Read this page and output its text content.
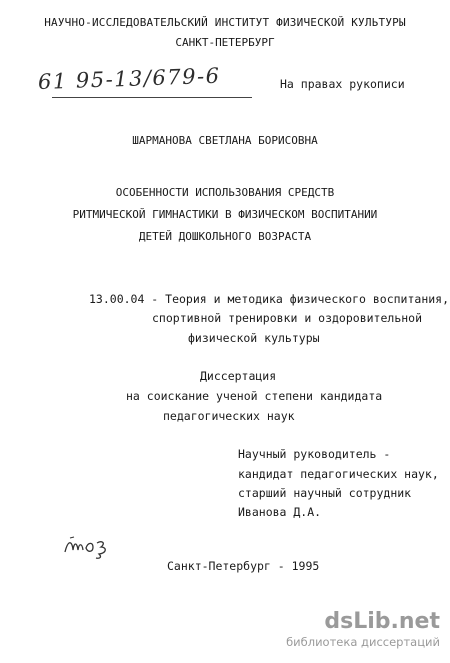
НАУЧНО-ИССЛЕДОВАТЕЛЬСКИЙ ИНСТИТУТ ФИЗИЧЕСКОЙ КУЛЬТУРЫ
САНКТ-ПЕТЕРБУРГ
61 95-13/679-6	На правах рукописи
ШАРМАНОВА СВЕТЛАНА БОРИСОВНА
ОСОБЕННОСТИ ИСПОЛЬЗОВАНИЯ СРЕДСТВ
РИТМИЧЕСКОЙ ГИМНАСТИКИ В ФИЗИЧЕСКОМ ВОСПИТАНИИ
ДЕТЕЙ ДОШКОЛЬНОГО ВОЗРАСТА
13.00.04 - Теория и методика физического воспитания,
спортивной тренировки и оздоровительной
физической культуры
Диссертация
на соискание ученой степени кандидата
педагогических наук
Научный руководитель -
кандидат педагогических наук,
старший научный сотрудник
Иванова Д.А.
Санкт-Петербург - 1995
dsLib.net
библиотека диссертаций
